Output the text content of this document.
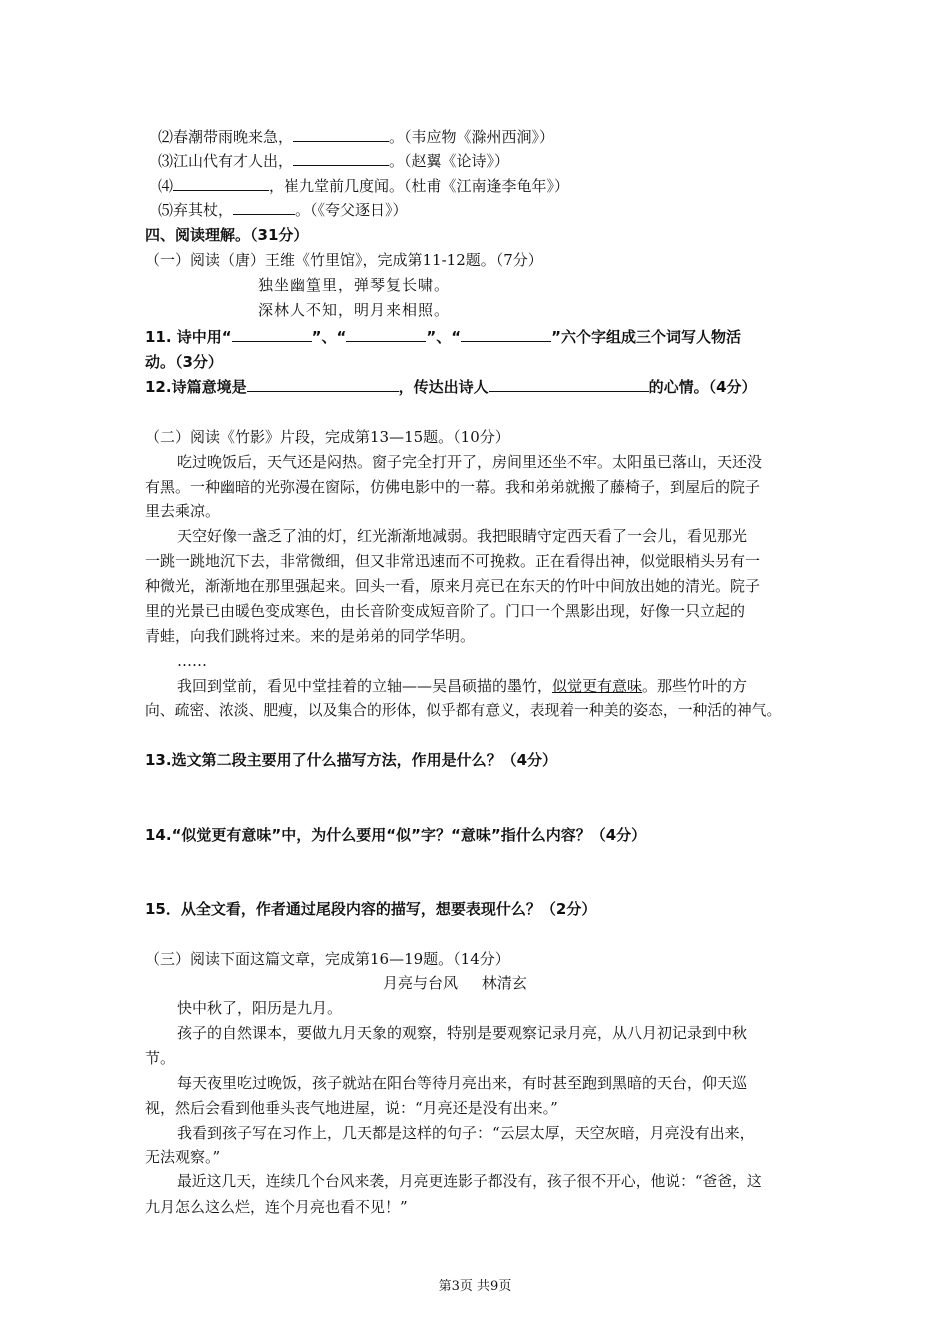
⑵春潮带雨晚来急，	。（韦应物《滁州西涧》）
⑶江山代有才人出，	。（赵翼《论诗》）
⑷	，崔九堂前几度闻。（杜甫《江南逢李龟年》）
⑸弃其杖，	。（《夸父逐日》）
四、阅读理解。（31分）
（一）阅读（唐）王维《竹里馆》，完成第11-12题。（7分）
独坐幽篁里，弹琴复长啸。
深林人不知，明月来相照。
11. 诗中用“	”、“	”、“	”六个字组成三个词写人物活
动。（3分）
12.诗篇意境是	，传达出诗人	的心情。（4分）
（二）阅读《竹影》片段，完成第13—15题。（10分）
吃过晚饭后，天气还是闷热。窗子完全打开了，房间里还坐不牢。太阳虽已落山，天还没
有黑。一种幽暗的光弥漫在窗际，仿佛电影中的一幕。我和弟弟就搬了藤椅子，到屋后的院子
里去乘凉。
天空好像一盏乏了油的灯，红光渐渐地减弱。我把眼睛守定西天看了一会儿，看见那光
一跳一跳地沉下去，非常微细，但又非常迅速而不可挽救。正在看得出神，似觉眼梢头另有一
种微光，渐渐地在那里强起来。回头一看，原来月亮已在东天的竹叶中间放出她的清光。院子
里的光景已由暖色变成寒色，由长音阶变成短音阶了。门口一个黑影出现，好像一只立起的
青蛙，向我们跳将过来。来的是弟弟的同学华明。
……
我回到堂前，看见中堂挂着的立轴——吴昌硕描的墨竹，似觉更有意味。那些竹叶的方
向、疏密、浓淡、肥瘦，以及集合的形体，似乎都有意义，表现着一种美的姿态，一种活的神气。
13.选文第二段主要用了什么描写方法，作用是什么？（4分）
14.“似觉更有意味”中，为什么要用“似”字？“意味”指什么内容？（4分）
15．从全文看，作者通过尾段内容的描写，想要表现什么？（2分）
（三）阅读下面这篇文章，完成第16—19题。（14分）
月亮与台风     林清玄
快中秋了，阳历是九月。
孩子的自然课本，要做九月天象的观察，特别是要观察记录月亮，从八月初记录到中秋
节。
每天夜里吃过晚饭，孩子就站在阳台等待月亮出来，有时甚至跑到黑暗的天台，仰天巡
视，然后会看到他垂头丧气地进屋，说：“月亮还是没有出来。”
我看到孩子写在习作上，几天都是这样的句子：“云层太厚，天空灰暗，月亮没有出来，
无法观察。”
最近这几天，连续几个台风来袭，月亮更连影子都没有，孩子很不开心，他说：“爸爸，这
九月怎么这么烂，连个月亮也看不见！”
第3页 共9页
